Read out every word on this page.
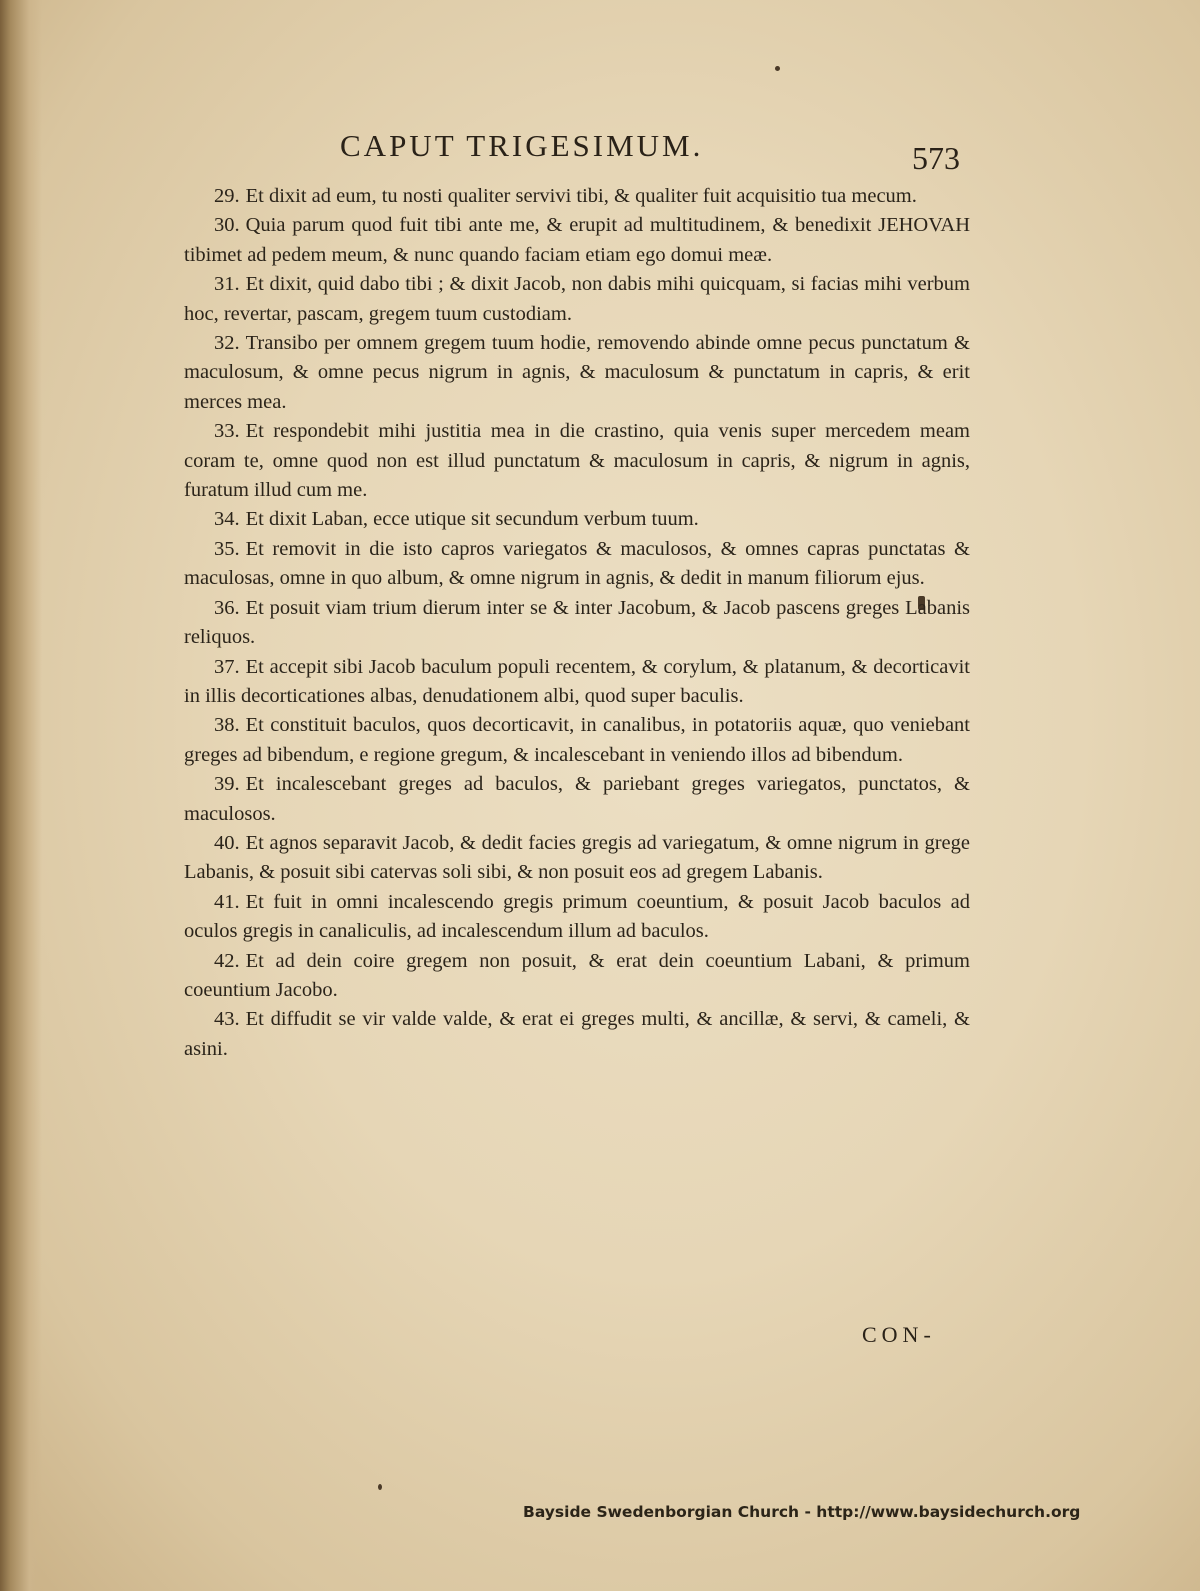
CAPUT TRIGESIMUM.	573

29. Et dixit ad eum, tu nosti qualiter servivi tibi, & qualiter fuit acquisitio tua mecum.

30. Quia parum quod fuit tibi ante me, & erupit ad multitudinem, & benedixit JEHOVAH tibimet ad pedem meum, & nunc quando faciam etiam ego domui meæ.

31. Et dixit, quid dabo tibi ; & dixit Jacob, non dabis mihi quicquam, si facias mihi verbum hoc, revertar, pascam, gregem tuum custodiam.

32. Transibo per omnem gregem tuum hodie, removendo abinde omne pecus punctatum & maculosum, & omne pecus nigrum in agnis, & maculosum & punctatum in capris, & erit merces mea.

33. Et respondebit mihi justitia mea in die crastino, quia venis super mercedem meam coram te, omne quod non est illud punctatum & maculosum in capris, & nigrum in agnis, furatum illud cum me.

34. Et dixit Laban, ecce utique sit secundum verbum tuum.

35. Et removit in die isto capros variegatos & maculosos, & omnes capras punctatas & maculosas, omne in quo album, & omne nigrum in agnis, & dedit in manum filiorum ejus.

36. Et posuit viam trium dierum inter se & inter Jacobum, & Jacob pascens greges Labanis reliquos.

37. Et accepit sibi Jacob baculum populi recentem, & corylum, & platanum, & decorticavit in illis decorticationes albas, denudationem albi, quod super baculis.

38. Et constituit baculos, quos decorticavit, in canalibus, in potatoriis aquæ, quo veniebant greges ad bibendum, e regione gregum, & incalescebant in veniendo illos ad bibendum.

39. Et incalescebant greges ad baculos, & pariebant greges variegatos, punctatos, & maculosos.

40. Et agnos separavit Jacob, & dedit facies gregis ad variegatum, & omne nigrum in grege Labanis, & posuit sibi catervas soli sibi, & non posuit eos ad gregem Labanis.

41. Et fuit in omni incalescendo gregis primum coeuntium, & posuit Jacob baculos ad oculos gregis in canaliculis, ad incalescendum illum ad baculos.

42. Et ad dein coire gregem non posuit, & erat dein coeuntium Labani, & primum coeuntium Jacobo.

43. Et diffudit se vir valde valde, & erat ei greges multi, & ancillæ, & servi, & cameli, & asini.

CON-
Bayside Swedenborgian Church - http://www.baysidechurch.org
